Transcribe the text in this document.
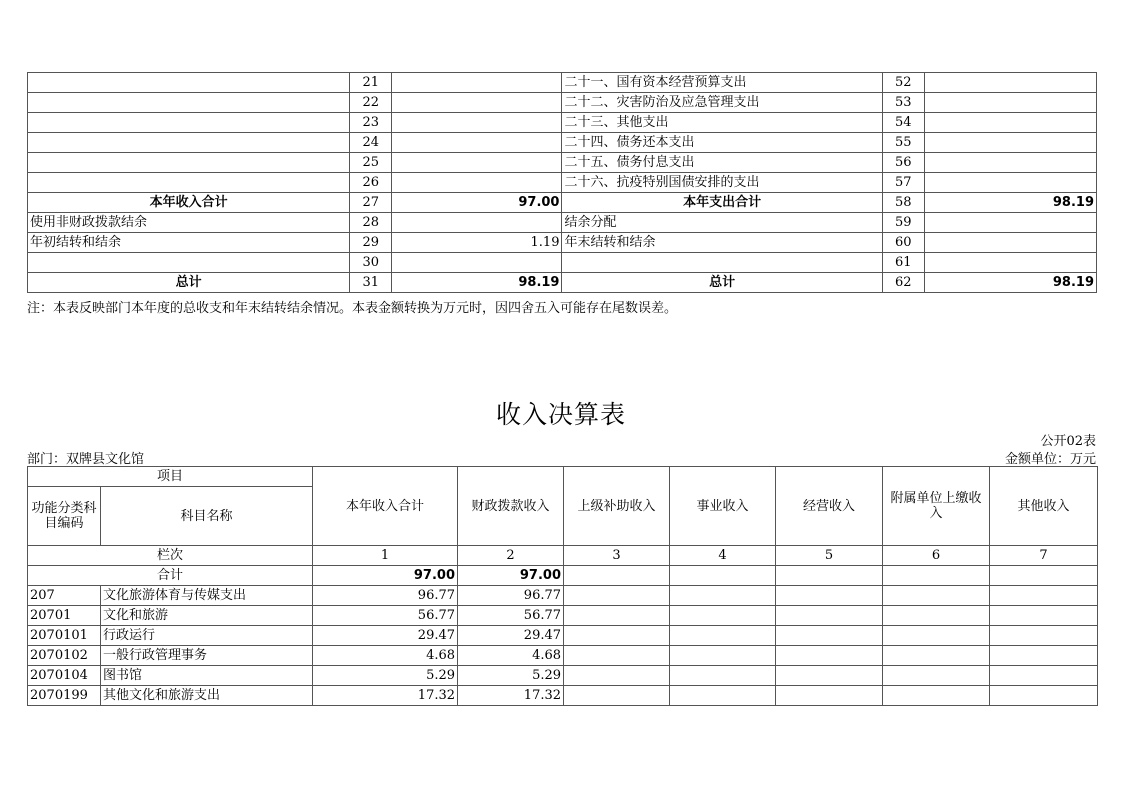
	21		二十一、国有资本经营预算支出	52	
	22		二十二、灾害防治及应急管理支出	53	
	23		二十三、其他支出	54	
	24		二十四、债务还本支出	55	
	25		二十五、债务付息支出	56	
	26		二十六、抗疫特别国债安排的支出	57	
本年收入合计	27	97.00	本年支出合计	58	98.19
使用非财政拨款结余	28		结余分配	59	
年初结转和结余	29	1.19	年末结转和结余	60	
	30			61	
总计	31	98.19	总计	62	98.19
注：本表反映部门本年度的总收支和年末结转结余情况。本表金额转换为万元时，因四舍五入可能存在尾数误差。
收入决算表
公开02表
部门：双牌县文化馆	金额单位：万元
项目		本年收入合计	财政拨款收入	上级补助收入	事业收入	经营收入	附属单位上缴收入	其他收入
功能分类科目编码	科目名称							
栏次		1	2	3	4	5	6	7
合计		97.00	97.00					
207	文化旅游体育与传媒支出	96.77	96.77					
20701	文化和旅游	56.77	56.77					
2070101	行政运行	29.47	29.47					
2070102	一般行政管理事务	4.68	4.68					
2070104	图书馆	5.29	5.29					
2070199	其他文化和旅游支出	17.32	17.32					
